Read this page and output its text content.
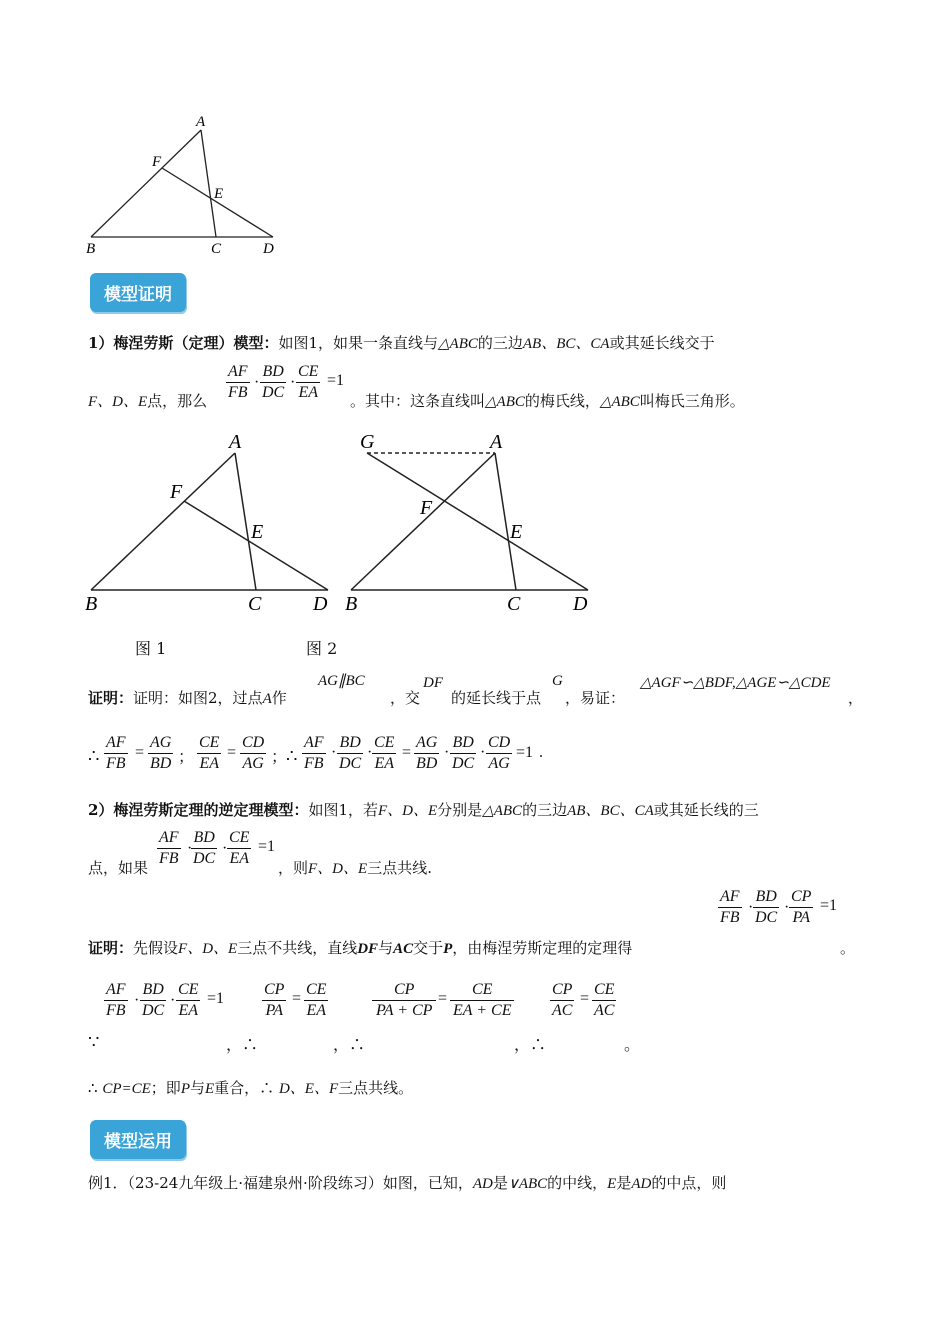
A
F
E
B	C	D
模型证明
1）梅涅劳斯（定理）模型：如图1，如果一条直线与△ABC的三边AB、BC、CA或其延长线交于
F、D、E点，那么 $\frac{AF}{FB} \cdot \frac{BD}{DC} \cdot \frac{CE}{EA} =1$
。其中：这条直线叫△ABC的梅氏线，△ABC叫梅氏三角形。
A
F
E
B	C	D
G	A
F
E
B	C	D
图 1	图 2
证明：证明：如图2，过点A作
AG∥BC
，交
DF
的延长线于点
G
，易证：
△AGF∽△BDF,△AGE∽△CDE
，
∴ $\frac{AF}{FB} = \frac{AG}{BD}$ ； $\frac{CE}{EA} = \frac{CD}{AG}$ ；
∴ $\frac{AF}{FB} \cdot \frac{BD}{DC} \cdot \frac{CE}{EA} = \frac{AG}{BD} \cdot \frac{BD}{DC} \cdot \frac{CD}{AG} =1$ .
2）梅涅劳斯定理的逆定理模型：如图1，若F、D、E分别是△ABC的三边AB、BC、CA或其延长线的三
$\frac{AF}{FB}$ ·
$\frac{BD}{DC} \cdot \frac{CE}{EA} =1$
点，如果	，则F、D、E三点共线.
$\frac{AF}{FB} \cdot \frac{BD}{DC} \cdot \frac{CP}{PA} =1$
证明：先假设F、D、E三点不共线，直线DF与AC交于P，由梅涅劳斯定理的定理得	。
$\frac{AF}{FB} \cdot \frac{BD}{DC} \cdot \frac{CE}{EA} =1 \frac{CP}{PA} = \frac{CE}{EA}$	$\frac{CP}{PA + CP} = \frac{CE}{EA + CE} \frac{CP}{AC} = \frac{CE}{AC}$
∵	，∴	，∴	，∴	。
∴ CP=CE；即P与E重合，∴ D、E、F三点共线。
模型运用
例1．（23-24九年级上·福建泉州·阶段练习）如图，已知，AD是∨ABC的中线，E是AD的中点，则
